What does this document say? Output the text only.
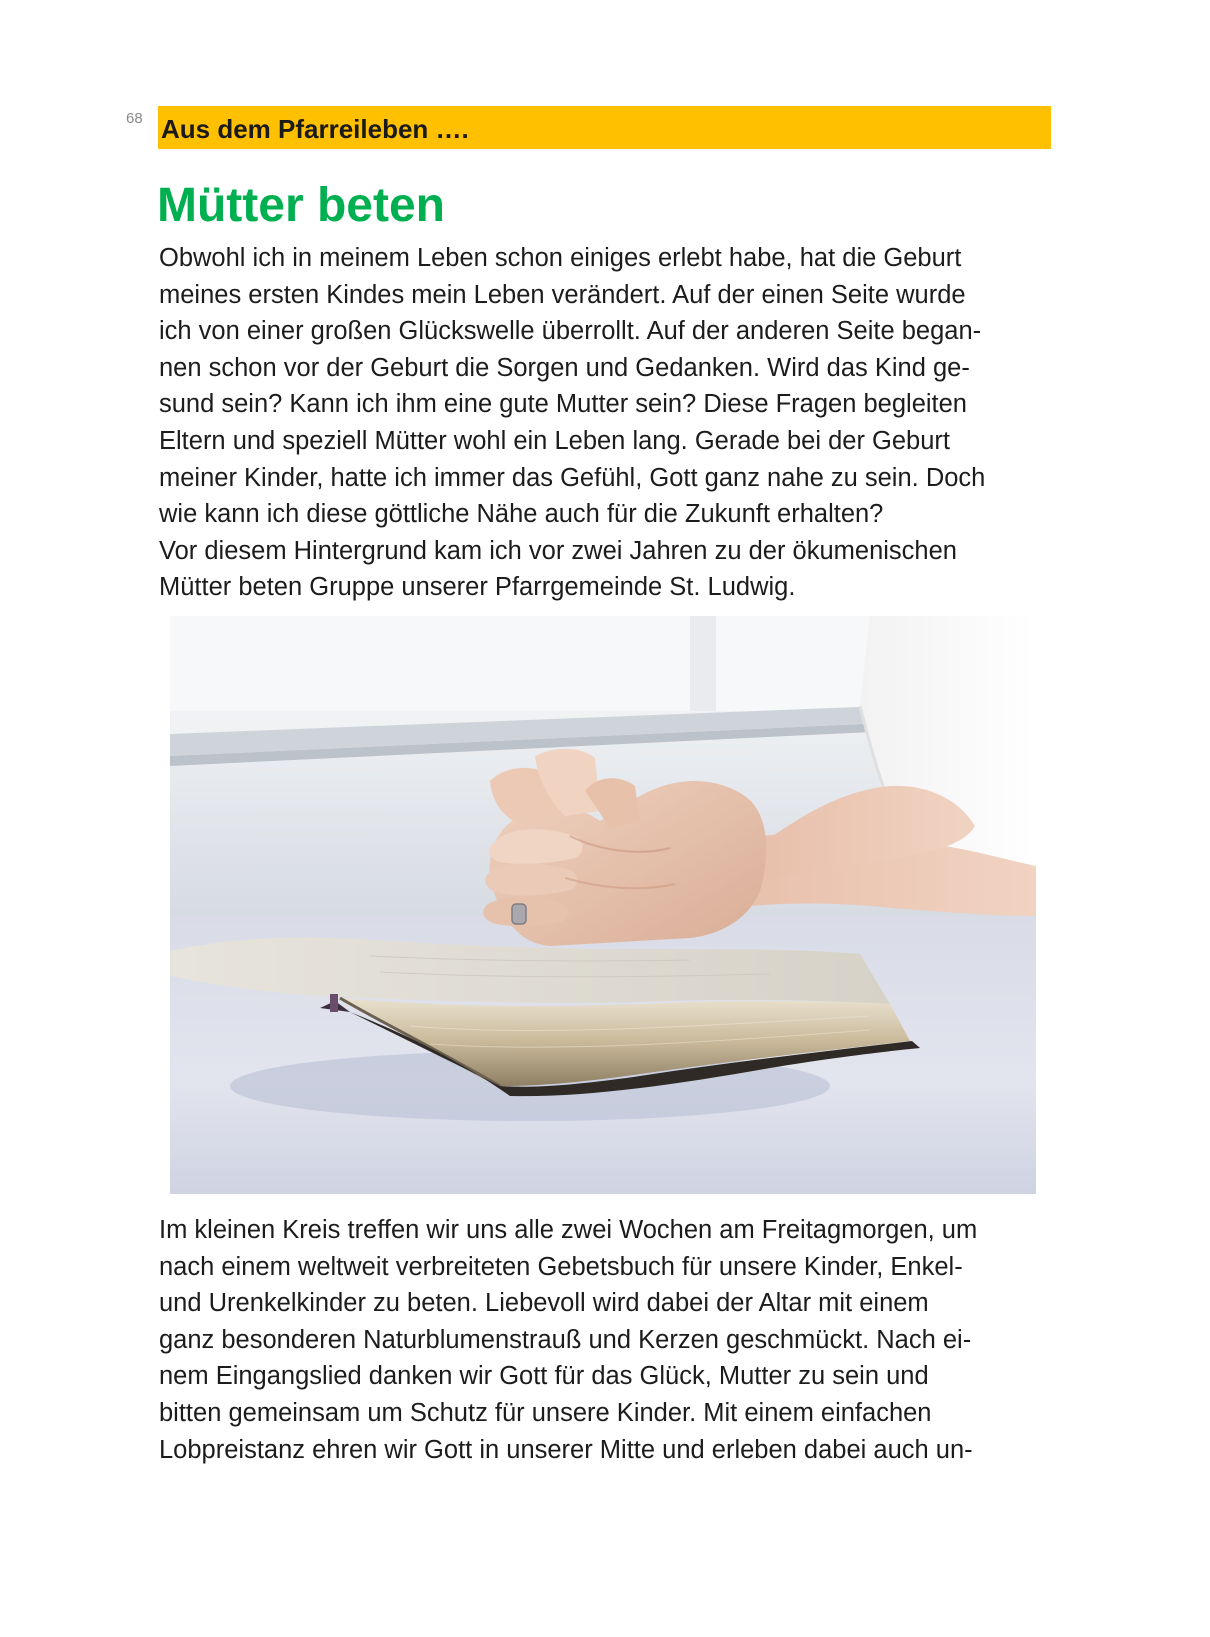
68 Aus dem Pfarreileben ….
Mütter beten
Obwohl ich in meinem Leben schon einiges erlebt habe, hat die Geburt
meines ersten Kindes mein Leben verändert. Auf der einen Seite wurde
ich von einer großen Glückswelle überrollt. Auf der anderen Seite began-
nen schon vor der Geburt die Sorgen und Gedanken. Wird das Kind ge-
sund sein? Kann ich ihm eine gute Mutter sein? Diese Fragen begleiten
Eltern und speziell Mütter wohl ein Leben lang. Gerade bei der Geburt
meiner Kinder, hatte ich immer das Gefühl, Gott ganz nahe zu sein. Doch
wie kann ich diese göttliche Nähe auch für die Zukunft erhalten?
Vor diesem Hintergrund kam ich vor zwei Jahren zu der ökumenischen
Mütter beten Gruppe unserer Pfarrgemeinde St. Ludwig.
Im kleinen Kreis treffen wir uns alle zwei Wochen am Freitagmorgen, um
nach einem weltweit verbreiteten Gebetsbuch für unsere Kinder, Enkel-
und Urenkelkinder zu beten. Liebevoll wird dabei der Altar mit einem
ganz besonderen Naturblumenstrauß und Kerzen geschmückt. Nach ei-
nem Eingangslied danken wir Gott für das Glück, Mutter zu sein und
bitten gemeinsam um Schutz für unsere Kinder. Mit einem einfachen
Lobpreistanz ehren wir Gott in unserer Mitte und erleben dabei auch un-
